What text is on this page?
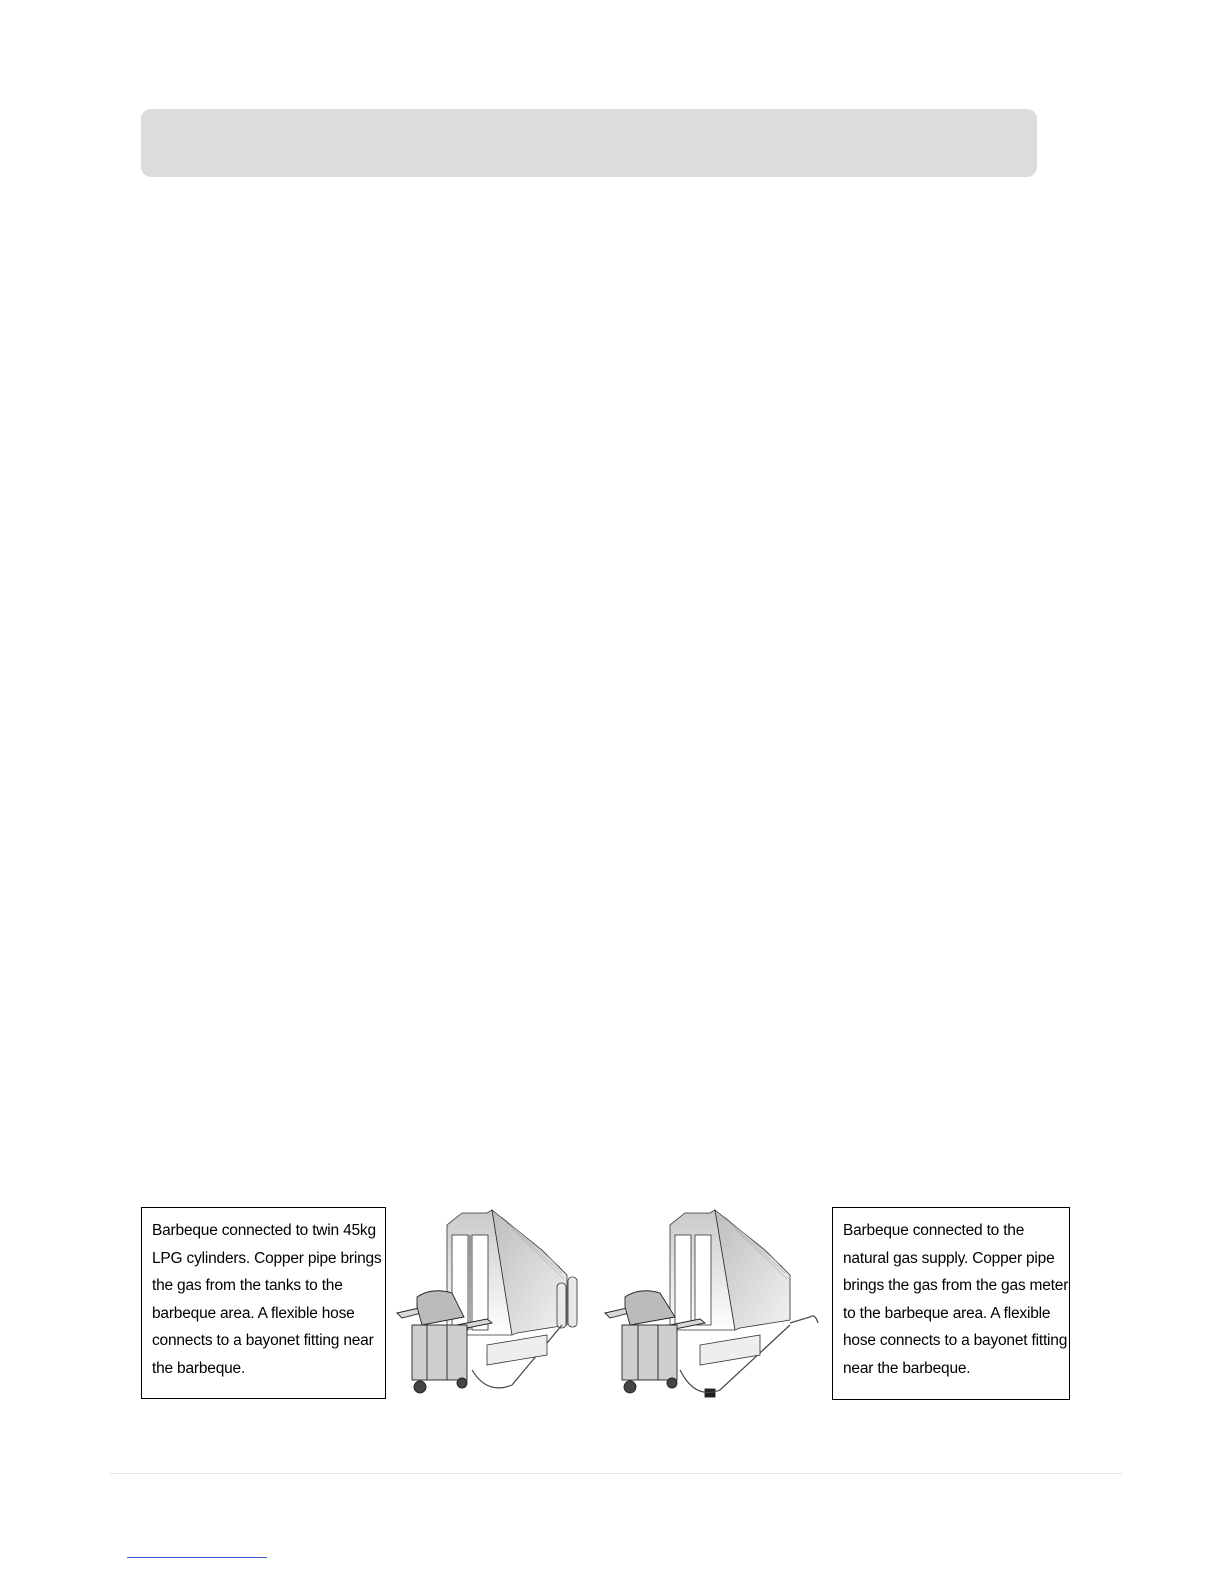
Barbeque connected to twin 45kg
LPG cylinders. Copper pipe brings
the gas from the tanks to the
barbeque area. A flexible hose
connects to a bayonet fitting near
the barbeque.
Barbeque connected to the
natural gas supply. Copper pipe
brings the gas from the gas meter
to the barbeque area. A flexible
hose connects to a bayonet fitting
near the barbeque.
